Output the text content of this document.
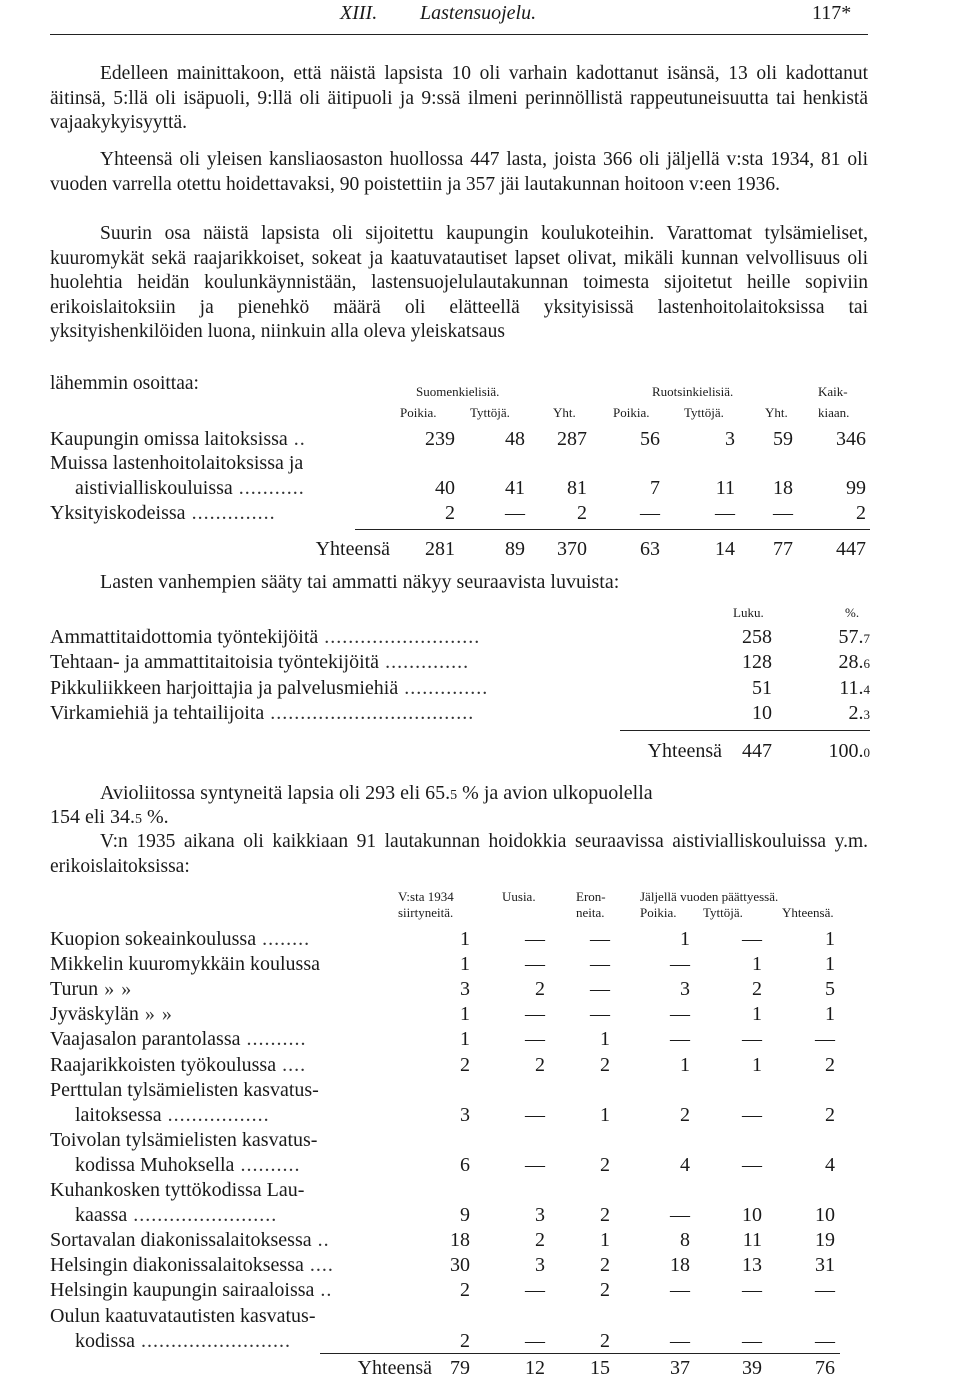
XIII. Lastensuojelu.	117*
Edelleen mainittakoon, että näistä lapsista 10 oli varhain kadottanut isänsä, 13 oli kadottanut äitinsä, 5:llä oli isäpuoli, 9:llä oli äitipuoli ja 9:ssä ilmeni perinnöllistä rappeutuneisuutta tai henkistä vajaakykyisyyttä.
Yhteensä oli yleisen kansliaosaston huollossa 447 lasta, joista 366 oli jäljellä v:sta 1934, 81 oli vuoden varrella otettu hoidettavaksi, 90 poistettiin ja 357 jäi lautakunnan hoitoon v:een 1936.
Suurin osa näistä lapsista oli sijoitettu kaupungin koulukoteihin. Varattomat tylsämieliset, kuuromykät sekä raajarikkoiset, sokeat ja kaatuvatautiset lapset olivat, mikäli kunnan velvollisuus oli huolehtia heidän koulunkäynnistään, lastensuojelulautakunnan toimesta sijoitetut heille sopiviin erikoislaitoksiin ja pienehkö määrä oli elätteellä yksityisissä lastenhoitolaitoksissa tai yksityishenkilöiden luona, niinkuin alla oleva yleiskatsaus
lähemmin osoittaa:	Suomenkielisiä.	Ruotsinkielisiä.	Kaik-
Poikia.	Tyttöjä.	Yht.	Poikia.	Tyttöjä.	Yht. kiaan.
Kaupungin omissa laitoksissa ..	239	48 287	56	3 59 346
Muissa lastenhoitolaitoksissa ja
aistivialliskouluissa ...........	40	41 81	7	11 18	99
Yksityiskodeissa ..............	2	—	2	—	— —	2
Yhteensä 281	89 370	63	14 77 447
Lasten vanhempien sääty tai ammatti näkyy seuraavista luvuista:
Luku.	%.
Ammattitaidottomia työntekijöitä ..........................	258	57.7
Tehtaan- ja ammattitaitoisia työntekijöitä ..............	128	28.6
Pikkuliikkeen harjoittajia ja palvelusmiehiä ..............	51	11.4
Virkamiehiä ja tehtailijoita ..................................	10	2.3
Yhteensä 447	100.0
Avioliitossa syntyneitä lapsia oli 293 eli 65.5 % ja avion ulkopuolella
154 eli 34.5 %.
V:n 1935 aikana oli kaikkiaan 91 lautakunnan hoidokkia seuraavissa aistivialliskouluissa y.m. erikoislaitoksissa:
V:sta 1934	Uusia.	Eron-	Jäljellä vuoden päättyessä.
siirtyneitä.	neita.	Poikia. Tyttöjä.	Yhteensä.
Kuopion sokeainkoulussa ........	1	— —	1	—	1
Mikkelin kuuromykkäin koulussa	1	— —	—	1	1
Turun » »	3	2 —	3	2	5
Jyväskylän » »	1	— —	—	1	1
Vaajasalon parantolassa ..........	1	—	1	—	—	—
Raajarikkoisten työkoulussa ....	2	2	2	1	1	2
Perttulan tylsämielisten kasvatus-
laitoksessa .................	3	—	1	2	—	2
Toivolan tylsämielisten kasvatus-
kodissa Muhoksella ..........	6	—	2	4	—	4
Kuhankosken tyttökodissa Lau-
kaassa ........................	9	3	2	—	10	10
Sortavalan diakonissalaitoksessa ..	18	2	1	8	11	19
Helsingin diakonissalaitoksessa ....	30	3	2	18	13	31
Helsingin kaupungin sairaaloissa ..	2	—	2	—	—	—
Oulun kaatuvatautisten kasvatus-
kodissa .........................	2	—	2	—	—	—
Yhteensä 79	12 15	37	39	76
